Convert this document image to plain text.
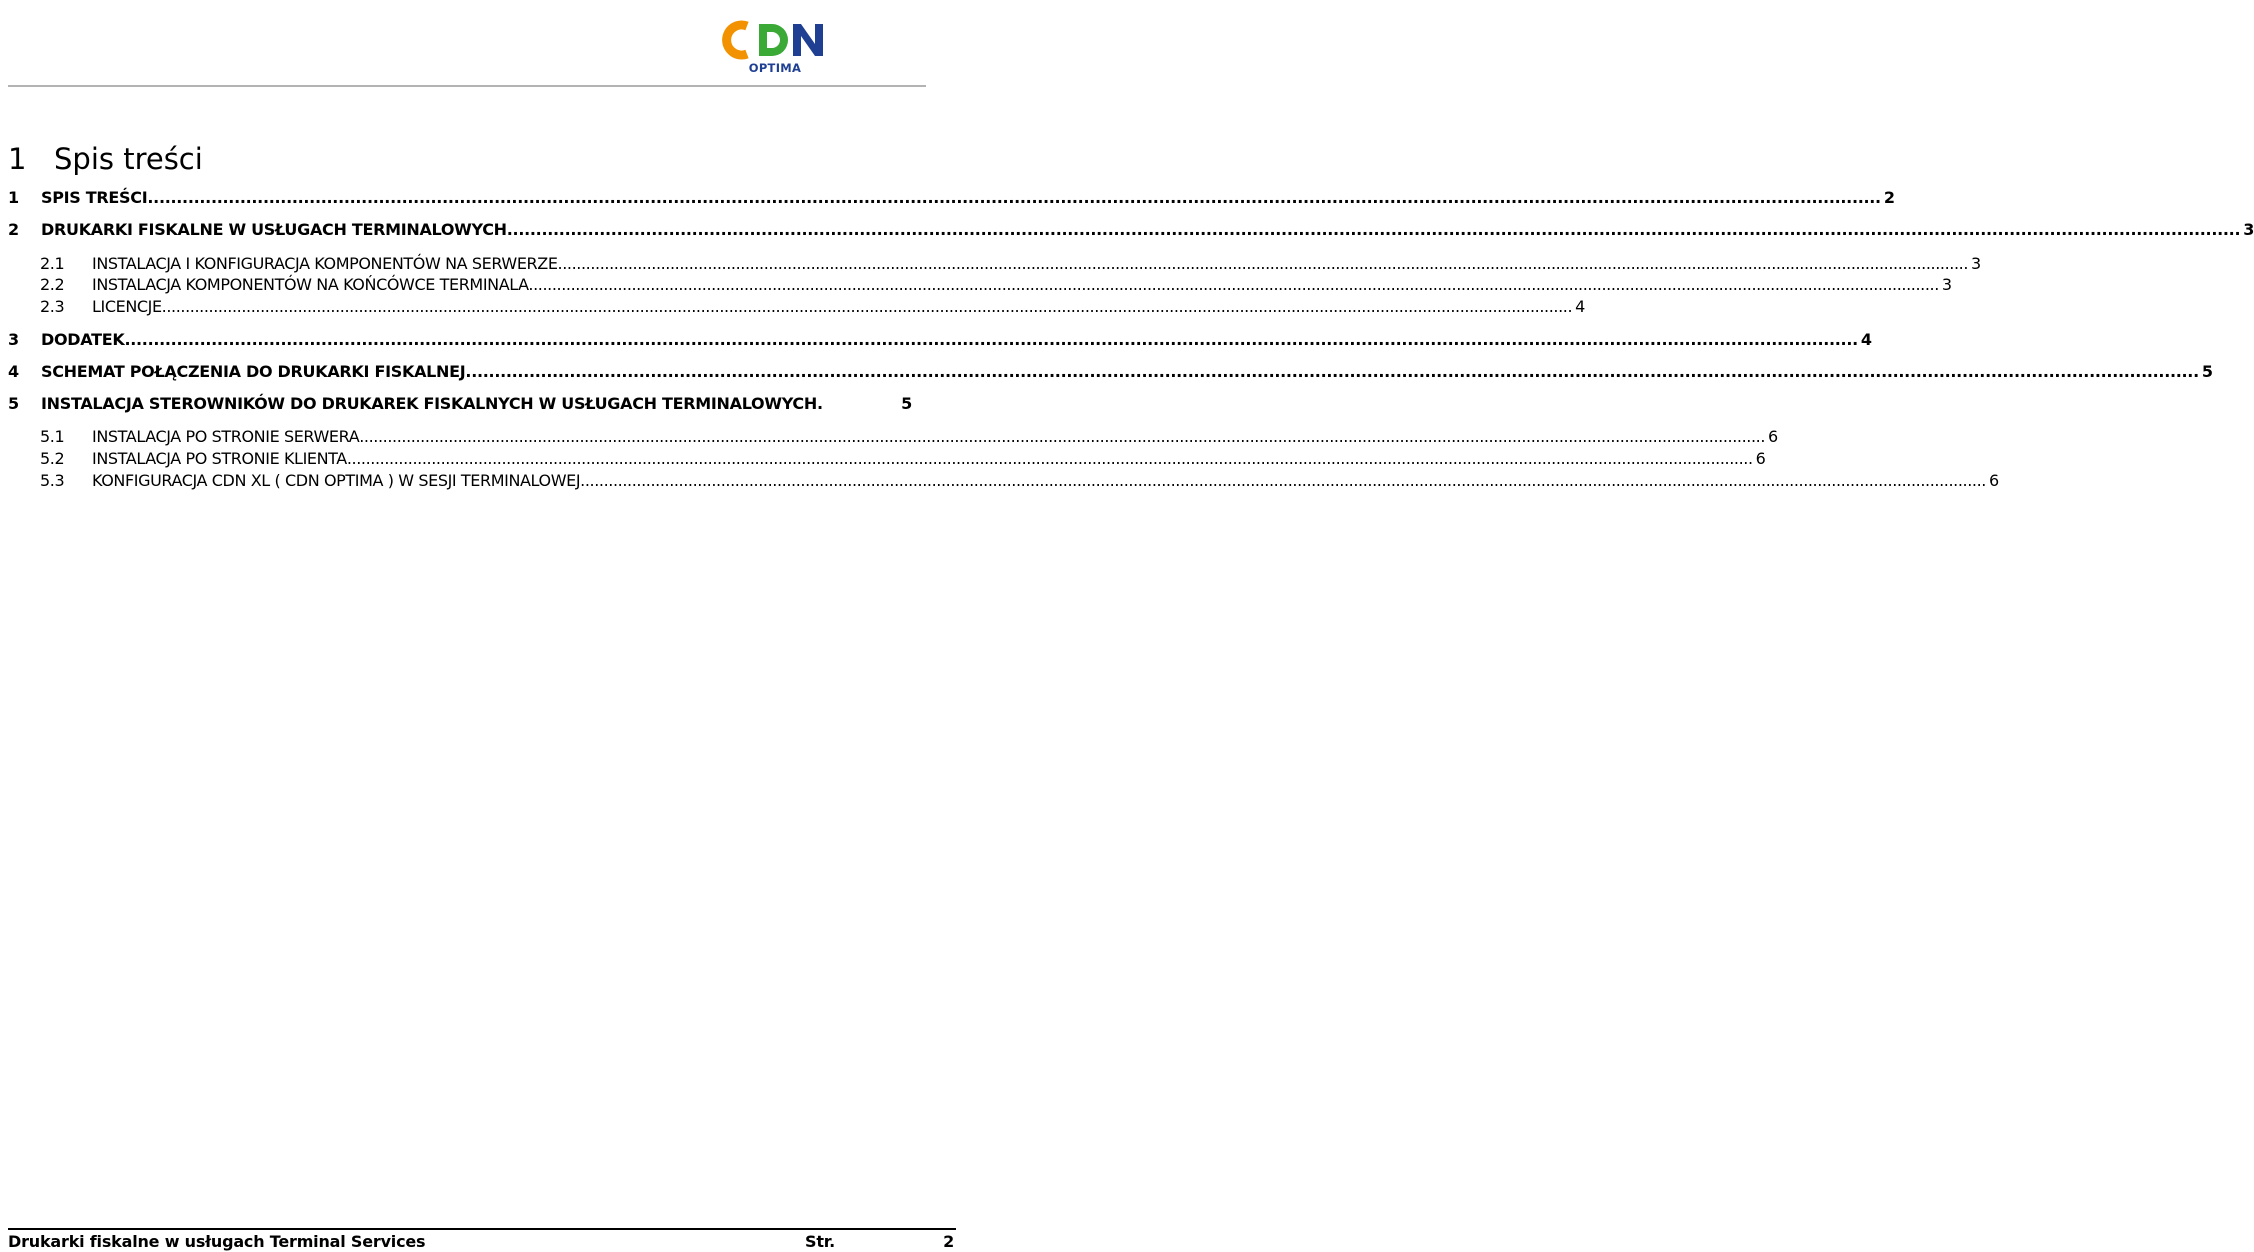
OPTIMA
1 Spis treści
1	SPIS TREŚCI ............................................................................................................................................................................................................................................................................................................ 2
2	DRUKARKI FISKALNE W USŁUGACH TERMINALOWYCH ............................................................................................................................................................................................................................................................................................................ 3
2.1	INSTALACJA I KONFIGURACJA KOMPONENTÓW NA SERWERZE. ............................................................................................................................................................................................................................................................................................................ 3
2.2	INSTALACJA KOMPONENTÓW NA KOŃCÓWCE TERMINALA. ............................................................................................................................................................................................................................................................................................................ 3
2.3	LICENCJE. ............................................................................................................................................................................................................................................................................................................ 4
3	DODATEK ............................................................................................................................................................................................................................................................................................................ 4
4	SCHEMAT POŁĄCZENIA DO DRUKARKI FISKALNEJ ............................................................................................................................................................................................................................................................................................................ 5
5	INSTALACJA STEROWNIKÓW DO DRUKAREK FISKALNYCH W USŁUGACH TERMINALOWYCH.	5
5.1	INSTALACJA PO STRONIE SERWERA ............................................................................................................................................................................................................................................................................................................ 6
5.2	INSTALACJA PO STRONIE KLIENTA ............................................................................................................................................................................................................................................................................................................ 6
5.3	KONFIGURACJA CDN XL ( CDN OPTIMA ) W SESJI TERMINALOWEJ ............................................................................................................................................................................................................................................................................................................ 6
Drukarki fiskalne w usługach Terminal Services	Str.	2
